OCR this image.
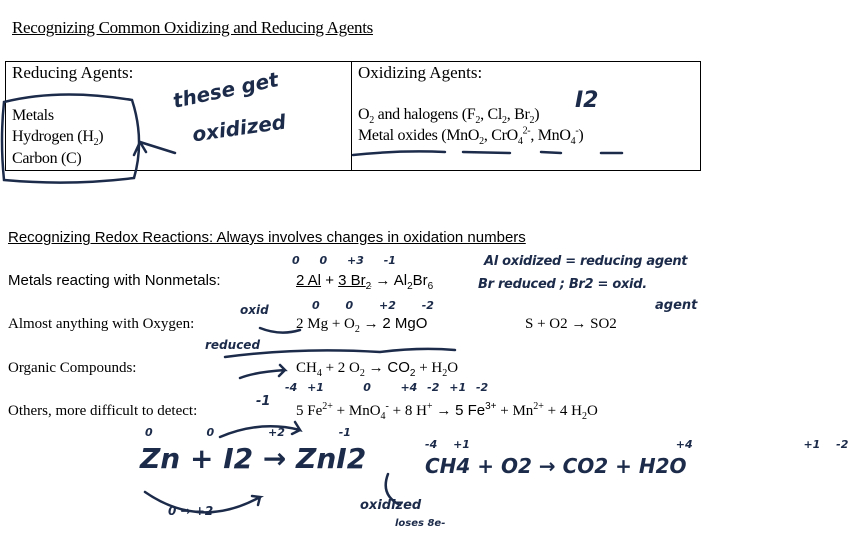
Recognizing Common Oxidizing and Reducing Agents
Reducing Agents:
Metals
Hydrogen $(H_2)$
Carbon (C)
Oxidizing Agents:
$O_2$ and halogens ($F_2$, $Cl_2$, $Br_2$)
Metal oxides (MnO$_2$, CrO$_4^{2-}$, MnO$_4$-)
Recognizing Redox Reactions: Always involves changes in oxidation numbers
Metals reacting with Nonmetals:	2 Al + 3 $Br_2 \to Al_2Br_6$
Almost anything with Oxygen:	2 $Mg + O_2 \to 2$ MgO	S + O2 → SO2
Organic Compounds:	$CH_4 + 2$ $O_2 \to CO_2 + H_2O$
Others, more difficult to detect:	5 $Fe^{2+} + MnO_4^- + 8$ H+ → 5 $Fe^{3+} + Mn^{2+} + 4$ $H_2O$
these get
oxidized
I2
0 0 +3 -1	Al oxidized = reducing agent
Br reduced ; Br2 = oxid.
agent
oxid
reduced
0 0 +2 -2
-4 +1	0	+4 -2 +1 -2
-1
Zn + I2 → ZnI2
0	0	+2	-1
0 → +2
CH4 + O2 → CO2 + H2O
-4 +1	+4	+1 -2
oxidized
loses 8e-
